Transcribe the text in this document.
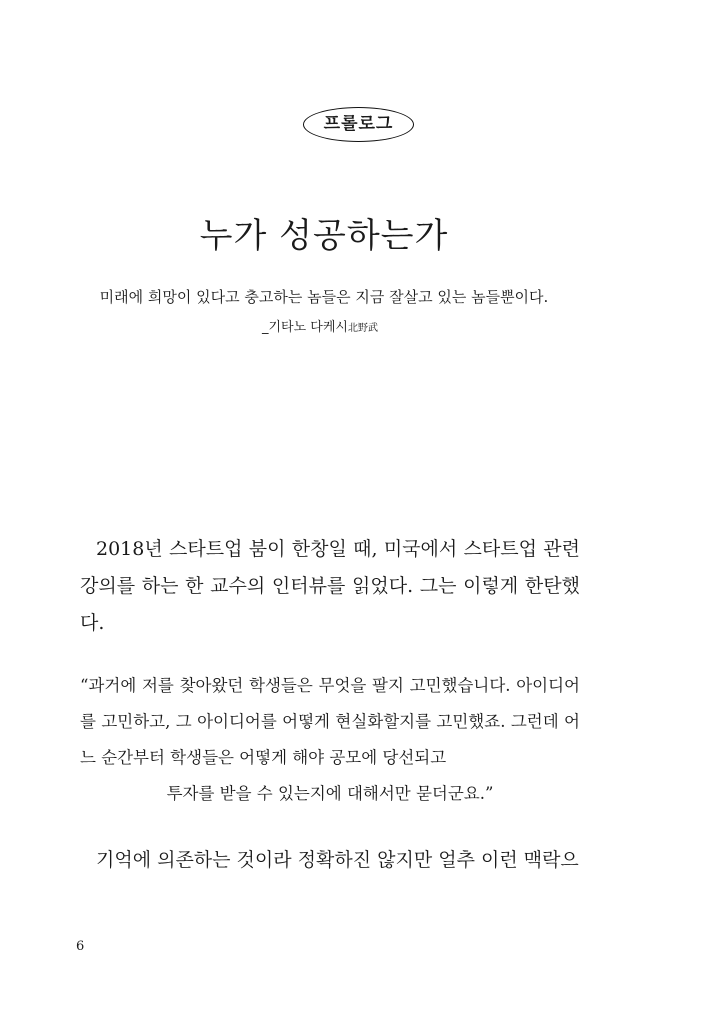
프롤로그
누가 성공하는가
미래에 희망이 있다고 충고하는 놈들은 지금 잘살고 있는 놈들뿐이다.
_기타노 다케시北野武

2018년 스타트업 붐이 한창일 때, 미국에서 스타트업 관련 강의를 하는 한 교수의 인터뷰를 읽었다. 그는 이렇게 한탄했다.

“과거에 저를 찾아왔던 학생들은 무엇을 팔지 고민했습니다. 아이디어를 고민하고, 그 아이디어를 어떻게 현실화할지를 고민했죠. 그런데 어느 순간부터 학생들은 어떻게 해야 공모에 당선되고
투자를 받을 수 있는지에 대해서만 묻더군요.”

기억에 의존하는 것이라 정확하진 않지만 얼추 이런 맥락으

6
